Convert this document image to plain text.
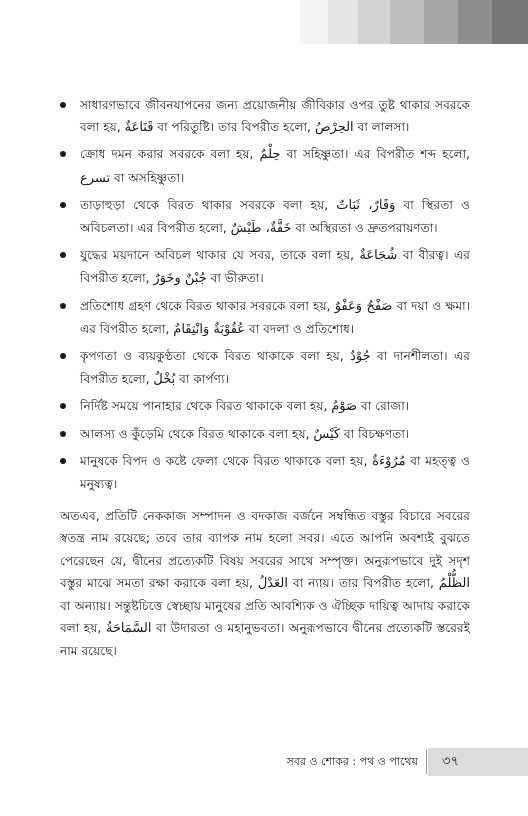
সাধারণভাবে জীবনযাপনের জন্য প্রয়োজনীয় জীবিকার ওপর তুষ্ট থাকার সবরকে বলা হয়, قَنَاعَةٌ বা পরিতুষ্টি। তার বিপরীত হলো, الحِرْصُ বা লালসা।
ক্রোধ দমন করার সবরকে বলা হয়, حِلْمٌ বা সহিষ্ণুতা। এর বিপরীত শব্দ হলো, تسرع বা অসহিষ্ণুতা।
তাড়াহুড়া থেকে বিরত থাকার সবরকে বলা হয়, وَقَارٌ، ثَبَاتٌ বা স্থিরতা ও অবিচলতা। এর বিপরীত হলো, خَفَّةٌ، طَيْشٌ বা অস্থিরতা ও দ্রুতপরায়ণতা।
যুদ্ধের ময়দানে অবিচল থাকার যে সবর, তাকে বলা হয়, شُجَاعَةٌ বা বীরত্ব। এর বিপরীত হলো, جُبْنٌ وخَوَرٌ বা ভীরুতা।
প্রতিশোধ গ্রহণ থেকে বিরত থাকার সবরকে বলা হয়, صَفْحٌ وَعَفْوٌ বা দয়া ও ক্ষমা। এর বিপরীত হলো, عُقُوْبَةٌ وَانْتِقَامٌ বা বদলা ও প্রতিশোধ।
কৃপণতা ও ব্যয়কুণ্ঠতা থেকে বিরত থাকাকে বলা হয়, جُوْدٌ বা দানশীলতা। এর বিপরীত হলো, بُخْلٌ বা কার্পণ্য।
নির্দিষ্ট সময়ে পানাহার থেকে বিরত থাকাকে বলা হয়, صَوْمٌ বা রোজা।
আলস্য ও কুঁড়েমি থেকে বিরত থাকাকে বলা হয়, كَيْسٌ বা বিচক্ষণতা।
মানুষকে বিপদ ও কষ্টে ফেলা থেকে বিরত থাকাকে বলা হয়, مُرُوْءَةٌ বা মহত্ত্ব ও মনুষ্যত্ব।

অতএব, প্রতিটি নেককাজ সম্পাদন ও বদকাজ বর্জনে সম্বন্ধিত বস্তুর বিচারে সবরের স্বতন্ত্র নাম রয়েছে; তবে তার ব্যাপক নাম হলো সবর। এতে আপনি অবশ্যই বুঝতে পেরেছেন যে, দ্বীনের প্রত্যেকটি বিষয় সবরের সাথে সম্পৃক্ত। অনুরূপভাবে দুই সদৃশ বস্তুর মাঝে সমতা রক্ষা করাকে বলা হয়, العَدْلُ বা ন্যায়। তার বিপরীত হলো, الظُّلْمُ বা অন্যায়। সন্তুষ্টচিত্তে স্বেচ্ছায় মানুষের প্রতি আবশ্যিক ও ঐচ্ছিক দায়িত্ব আদায় করাকে বলা হয়, السَّمَاحَةُ বা উদারতা ও মহানুভবতা। অনুরূপভাবে দ্বীনের প্রত্যেকটি স্তরেরই নাম রয়েছে।

সবর ও শোকর : পথ ও পাথেয় ৩৭
